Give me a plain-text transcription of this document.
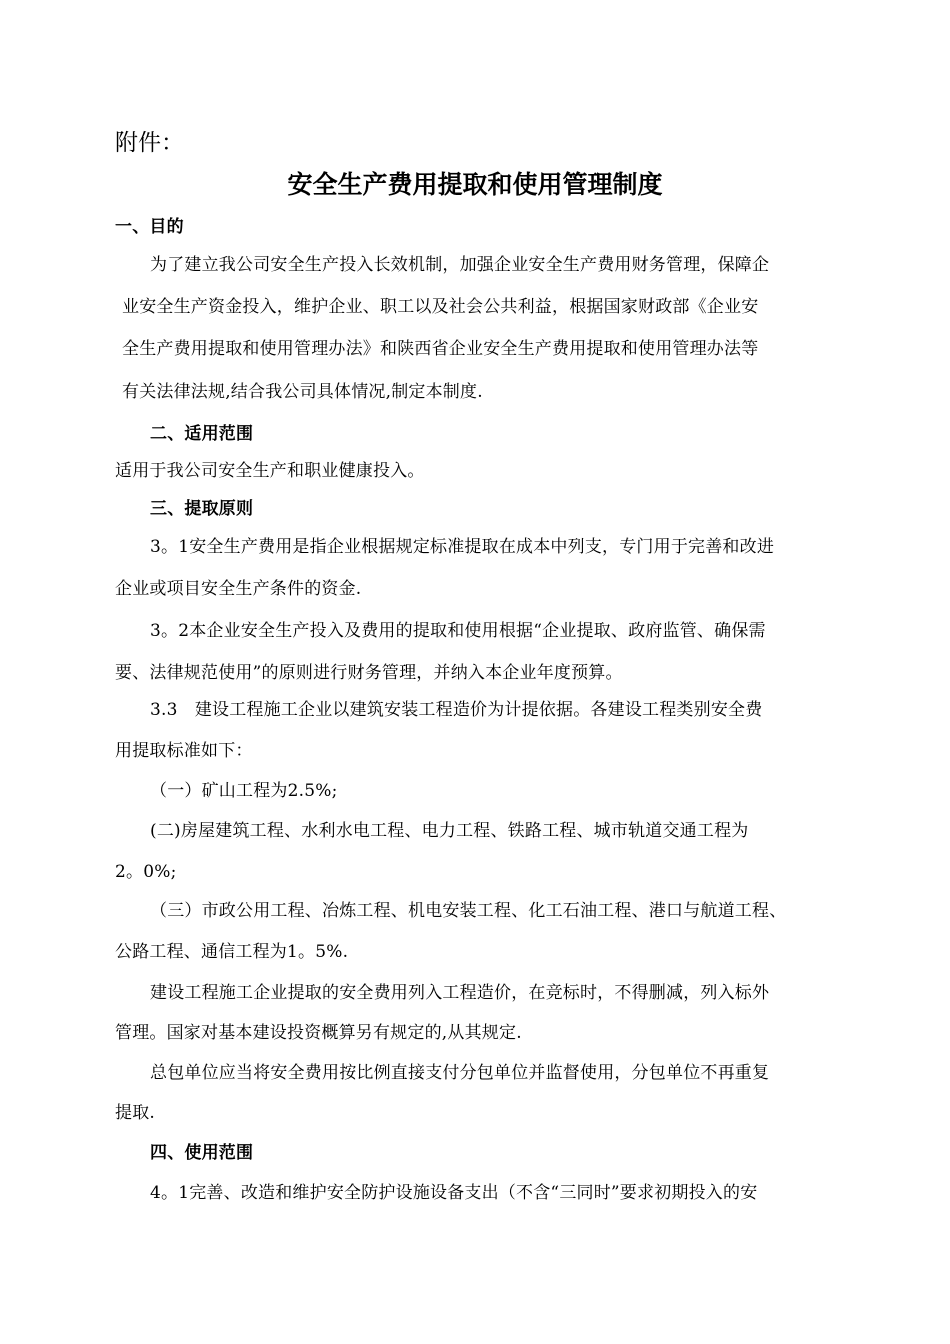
附件：
安全生产费用提取和使用管理制度
一、目的
为了建立我公司安全生产投入长效机制，加强企业安全生产费用财务管理，保障企
业安全生产资金投入，维护企业、职工以及社会公共利益，根据国家财政部《企业安
全生产费用提取和使用管理办法》和陕西省企业安全生产费用提取和使用管理办法等
有关法律法规,结合我公司具体情况,制定本制度.
二、适用范围
适用于我公司安全生产和职业健康投入。
三、提取原则
3。1安全生产费用是指企业根据规定标准提取在成本中列支，专门用于完善和改进
企业或项目安全生产条件的资金.
3。2本企业安全生产投入及费用的提取和使用根据“企业提取、政府监管、确保需
要、法律规范使用”的原则进行财务管理，并纳入本企业年度预算。
3.3　建设工程施工企业以建筑安装工程造价为计提依据。各建设工程类别安全费
用提取标准如下：
（一）矿山工程为2.5%;
(二)房屋建筑工程、水利水电工程、电力工程、铁路工程、城市轨道交通工程为
2。0%;
（三）市政公用工程、冶炼工程、机电安装工程、化工石油工程、港口与航道工程、
公路工程、通信工程为1。5%.
建设工程施工企业提取的安全费用列入工程造价，在竞标时，不得删减，列入标外
管理。国家对基本建设投资概算另有规定的,从其规定.
总包单位应当将安全费用按比例直接支付分包单位并监督使用，分包单位不再重复
提取.
四、使用范围
4。1完善、改造和维护安全防护设施设备支出（不含“三同时”要求初期投入的安
